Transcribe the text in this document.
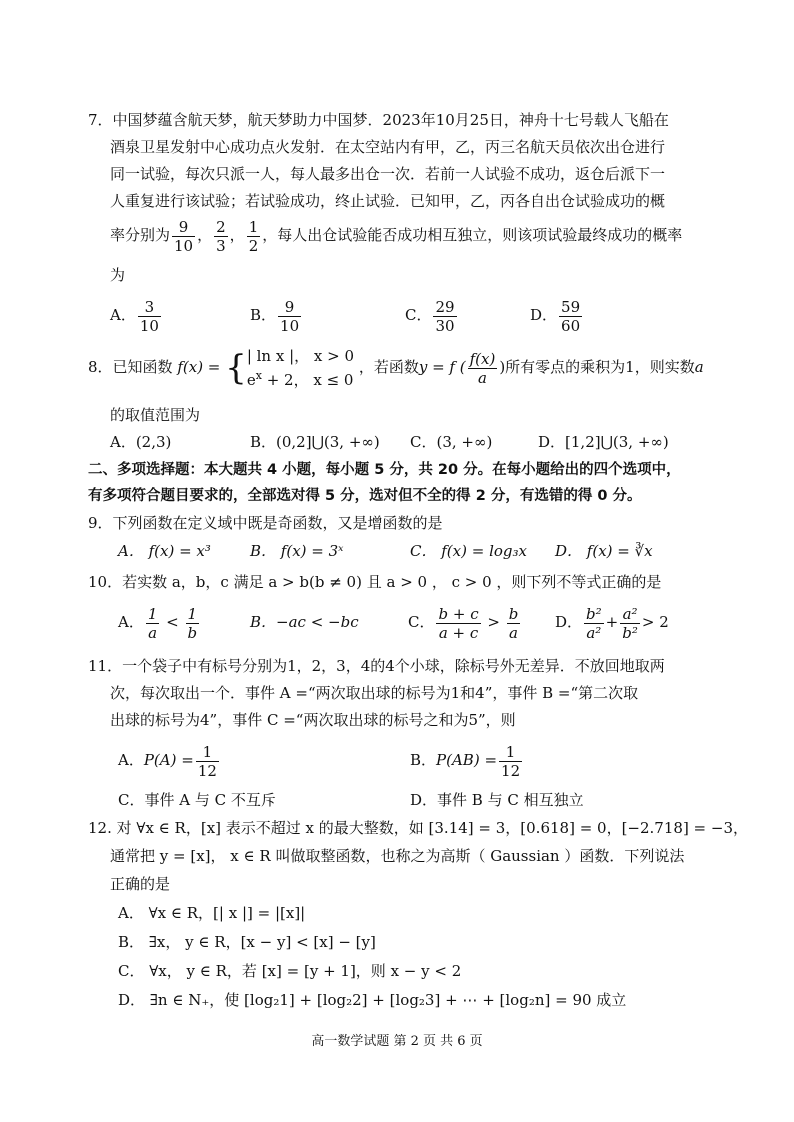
7．中国梦蕴含航天梦，航天梦助力中国梦．2023年10月25日，神舟十七号载人飞船在
酒泉卫星发射中心成功点火发射．在太空站内有甲，乙，丙三名航天员依次出仓进行
同一试验，每次只派一人，每人最多出仓一次．若前一人试验不成功，返仓后派下一
人重复进行该试验；若试验成功，终止试验．已知甲，乙，丙各自出仓试验成功的概
率分别为 $\frac{9}{10}$ ， $\frac{2}{3}$ ， $\frac{1}{2}$ ，每人出仓试验能否成功相互独立，则该项试验最终成功的概率
为
A． $\frac{3}{10}$	B． $\frac{9}{10}$	C． $\frac{29}{30}$	D． $\frac{59}{60}$
8．已知函数 f(x) = { | ln x |， x > 0
$e^x + 2$， x ≤ 0
，若函数y = f ( $\frac{f(x)}{a}$ )所有零点的乘积为1，则实数a
的取值范围为
A．(2,3)	B．(0,2]⋃(3, +∞) C．(3, +∞)	D．[1,2]⋃(3, +∞)
二、多项选择题：本大题共 4 小题，每小题 5 分，共 20 分。在每小题给出的四个选项中，
有多项符合题目要求的，全部选对得 5 分，选对但不全的得 2 分，有选错的得 0 分。
9．下列函数在定义域中既是奇函数，又是增函数的是
A． f(x) = x³	B． f(x) = 3ˣ	C． f(x) = log₃x D． f(x) = ∛x
10．若实数 a，b，c 满足 a > b(b ≠ 0) 且 a > 0 ， c > 0 ，则下列不等式正确的是
A． $\frac{1}{a} < \frac{1}{b}$	B．−ac < −bc	C． $\frac{b + c}{a + c} > \frac{b}{a}$ D． $\frac{\text{b²}}{\text{a²}} + \frac{\text{a²}}{\text{b²}} > 2$
11．一个袋子中有标号分别为1，2，3，4的4个小球，除标号外无差异．不放回地取两
次，每次取出一个．事件 A =“两次取出球的标号为1和4”，事件 B =“第二次取
出球的标号为4”，事件 C =“两次取出球的标号之和为5”，则
A．$P(A) = \frac{1}{12}$	B．$P(AB) = \frac{1}{12}$
C．事件 A 与 C 不互斥	D．事件 B 与 C 相互独立
12. 对 ∀x ∈ R，[x] 表示不超过 x 的最大整数，如 [3.14] = 3，[0.618] = 0，[−2.718] = −3，
通常把 y = [x]， x ∈ R 叫做取整函数，也称之为高斯（ Gaussian ）函数．下列说法
正确的是
A． ∀x ∈ R，[| x |] = |[x]|
B． ∃x， y ∈ R，[x − y] < [x] − [y]
C． ∀x， y ∈ R，若 [x] = [y + 1]，则 x − y < 2
D． ∃n ∈ N₊，使 [log₂1] + [log₂2] + [log₂3] + ⋯ + [log₂n] = 90 成立
高一数学试题 第 2 页 共 6 页
